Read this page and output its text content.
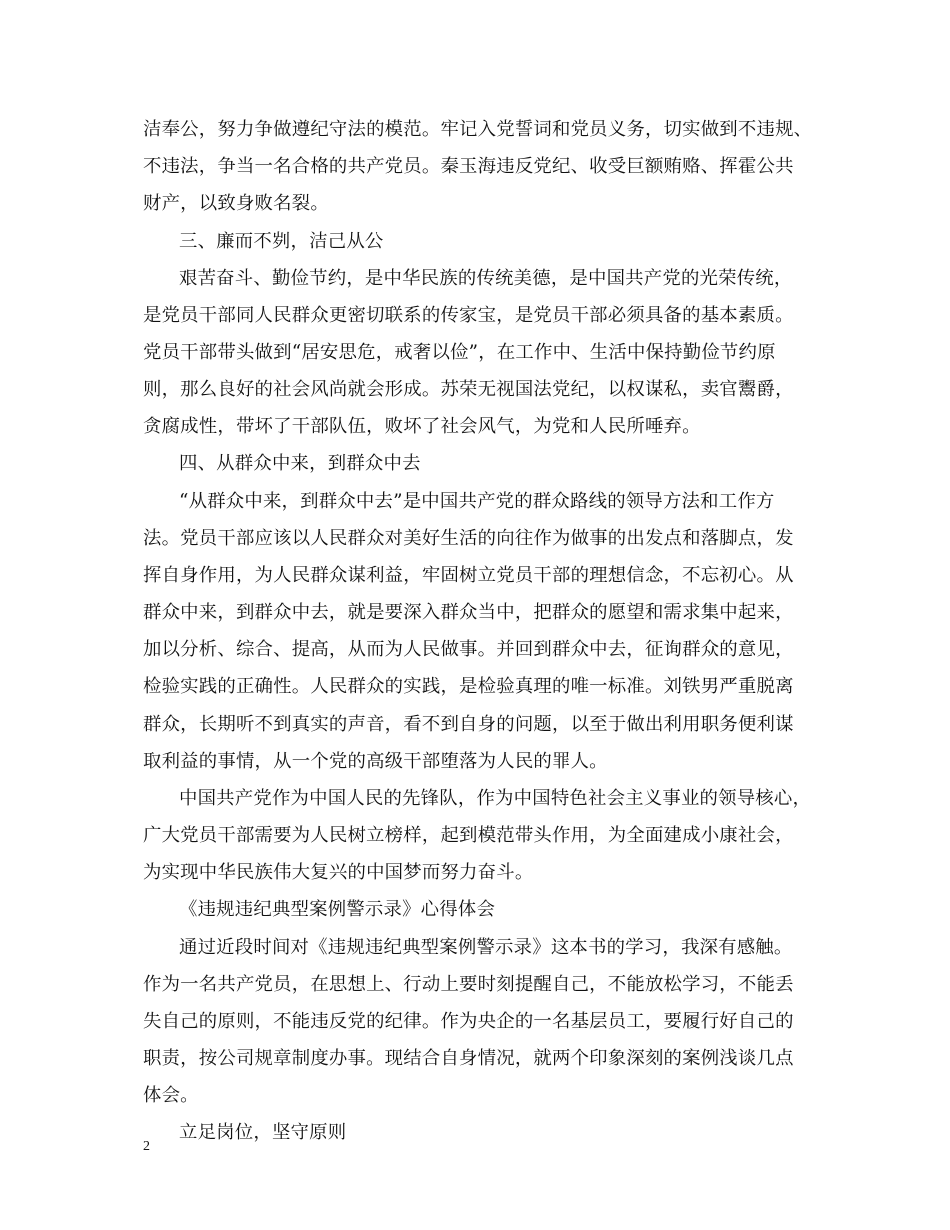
洁奉公，努力争做遵纪守法的模范。牢记入党誓词和党员义务，切实做到不违规、
不违法，争当一名合格的共产党员。秦玉海违反党纪、收受巨额贿赂、挥霍公共
财产，以致身败名裂。
三、廉而不刿，洁己从公
艰苦奋斗、勤俭节约，是中华民族的传统美德，是中国共产党的光荣传统，
是党员干部同人民群众更密切联系的传家宝，是党员干部必须具备的基本素质。
党员干部带头做到“居安思危，戒奢以俭”，在工作中、生活中保持勤俭节约原
则，那么良好的社会风尚就会形成。苏荣无视国法党纪，以权谋私，卖官鬻爵，
贪腐成性，带坏了干部队伍，败坏了社会风气，为党和人民所唾弃。
四、从群众中来，到群众中去
“从群众中来，到群众中去”是中国共产党的群众路线的领导方法和工作方
法。党员干部应该以人民群众对美好生活的向往作为做事的出发点和落脚点，发
挥自身作用，为人民群众谋利益，牢固树立党员干部的理想信念，不忘初心。从
群众中来，到群众中去，就是要深入群众当中，把群众的愿望和需求集中起来，
加以分析、综合、提高，从而为人民做事。并回到群众中去，征询群众的意见，
检验实践的正确性。人民群众的实践，是检验真理的唯一标准。刘铁男严重脱离
群众，长期听不到真实的声音，看不到自身的问题，以至于做出利用职务便利谋
取利益的事情，从一个党的高级干部堕落为人民的罪人。
中国共产党作为中国人民的先锋队，作为中国特色社会主义事业的领导核心，
广大党员干部需要为人民树立榜样，起到模范带头作用，为全面建成小康社会，
为实现中华民族伟大复兴的中国梦而努力奋斗。
《违规违纪典型案例警示录》心得体会
通过近段时间对《违规违纪典型案例警示录》这本书的学习，我深有感触。
作为一名共产党员，在思想上、行动上要时刻提醒自己，不能放松学习，不能丢
失自己的原则，不能违反党的纪律。作为央企的一名基层员工，要履行好自己的
职责，按公司规章制度办事。现结合自身情况，就两个印象深刻的案例浅谈几点
体会。
立足岗位，坚守原则
2
